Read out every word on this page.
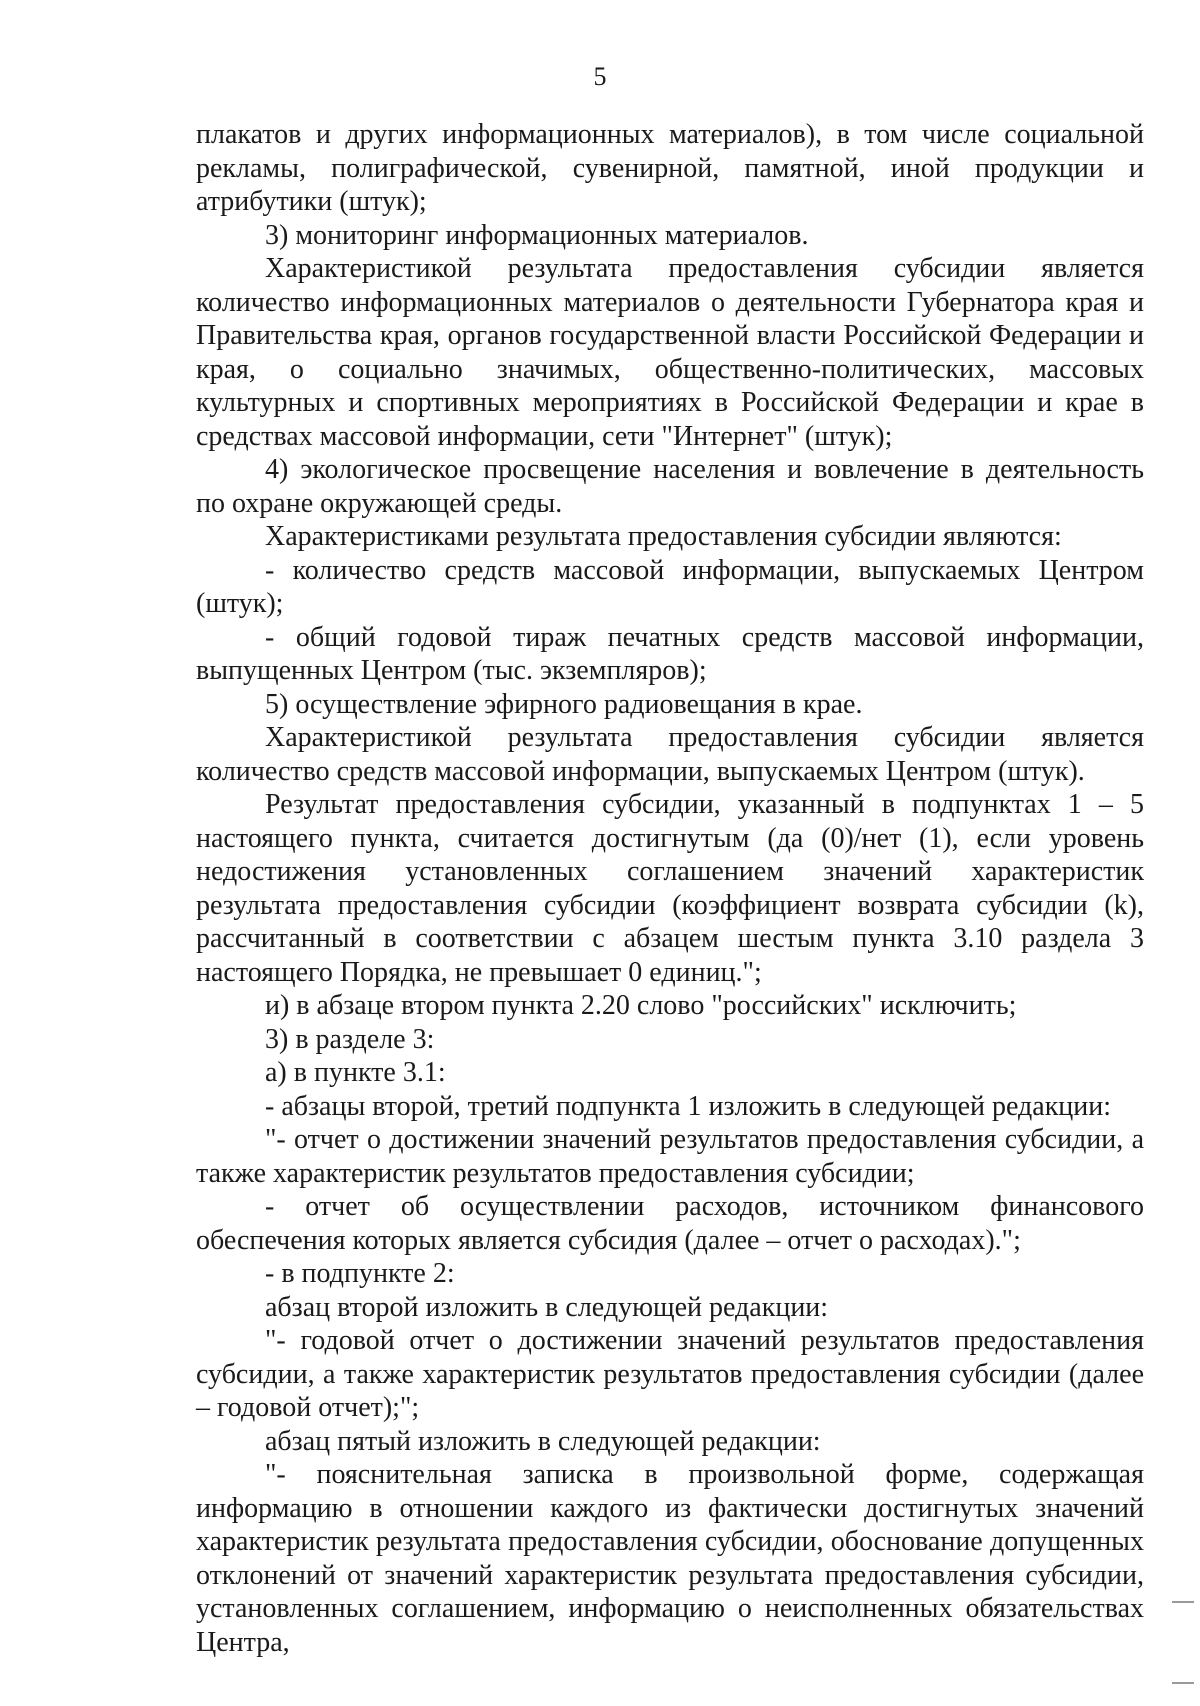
5

плакатов и других информационных материалов), в том числе социальной рекламы, полиграфической, сувенирной, памятной, иной продукции и атрибутики (штук);

3) мониторинг информационных материалов.

Характеристикой результата предоставления субсидии является количество информационных материалов о деятельности Губернатора края и Правительства края, органов государственной власти Российской Федерации и края, о социально значимых, общественно-политических, массовых культурных и спортивных мероприятиях в Российской Федерации и крае в средствах массовой информации, сети "Интернет" (штук);

4) экологическое просвещение населения и вовлечение в деятельность по охране окружающей среды.

Характеристиками результата предоставления субсидии являются:

- количество средств массовой информации, выпускаемых Центром (штук);

- общий годовой тираж печатных средств массовой информации, выпущенных Центром (тыс. экземпляров);

5) осуществление эфирного радиовещания в крае.

Характеристикой результата предоставления субсидии является количество средств массовой информации, выпускаемых Центром (штук).

Результат предоставления субсидии, указанный в подпунктах 1 – 5 настоящего пункта, считается достигнутым (да (0)/нет (1), если уровень недостижения установленных соглашением значений характеристик результата предоставления субсидии (коэффициент возврата субсидии (k), рассчитанный в соответствии с абзацем шестым пункта 3.10 раздела 3 настоящего Порядка, не превышает 0 единиц.";

и) в абзаце втором пункта 2.20 слово "российских" исключить;

3) в разделе 3:

а) в пункте 3.1:

- абзацы второй, третий подпункта 1 изложить в следующей редакции:

"- отчет о достижении значений результатов предоставления субсидии, а также характеристик результатов предоставления субсидии;

- отчет об осуществлении расходов, источником финансового обеспечения которых является субсидия (далее – отчет о расходах).";

- в подпункте 2:

абзац второй изложить в следующей редакции:

"- годовой отчет о достижении значений результатов предоставления субсидии, а также характеристик результатов предоставления субсидии (далее – годовой отчет);";

абзац пятый изложить в следующей редакции:

"- пояснительная записка в произвольной форме, содержащая информацию в отношении каждого из фактически достигнутых значений характеристик результата предоставления субсидии, обоснование допущенных отклонений от значений характеристик результата предоставления субсидии, установленных соглашением, информацию о неисполненных обязательствах Центра,
